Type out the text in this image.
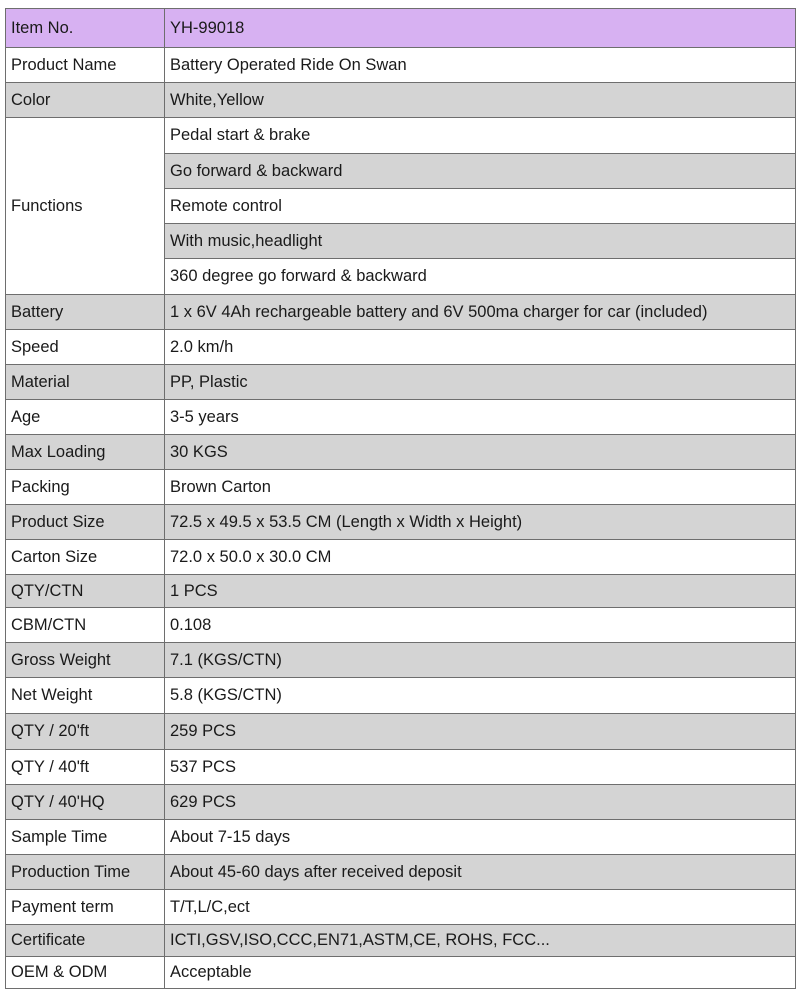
Item No.	YH-99018
Product Name	Battery Operated Ride On Swan
Color	White,Yellow
Functions	Pedal start & brake
	Go forward & backward
	Remote control
	With music,headlight
	360 degree go forward & backward
Battery	1 x 6V 4Ah rechargeable battery and 6V 500ma charger for car (included)
Speed	2.0 km/h
Material	PP, Plastic
Age	3-5 years
Max Loading	30 KGS
Packing	Brown Carton
Product Size	72.5 x 49.5 x 53.5 CM (Length x Width x Height)
Carton Size	72.0 x 50.0 x 30.0 CM
QTY/CTN	1 PCS
CBM/CTN	0.108
Gross Weight	7.1 (KGS/CTN)
Net Weight	5.8 (KGS/CTN)
QTY / 20'ft	259 PCS
QTY / 40'ft	537 PCS
QTY / 40'HQ	629 PCS
Sample Time	About 7-15 days
Production Time	About 45-60 days after received deposit
Payment term	T/T,L/C,ect
Certificate	ICTI,GSV,ISO,CCC,EN71,ASTM,CE, ROHS, FCC...
OEM & ODM	Acceptable
